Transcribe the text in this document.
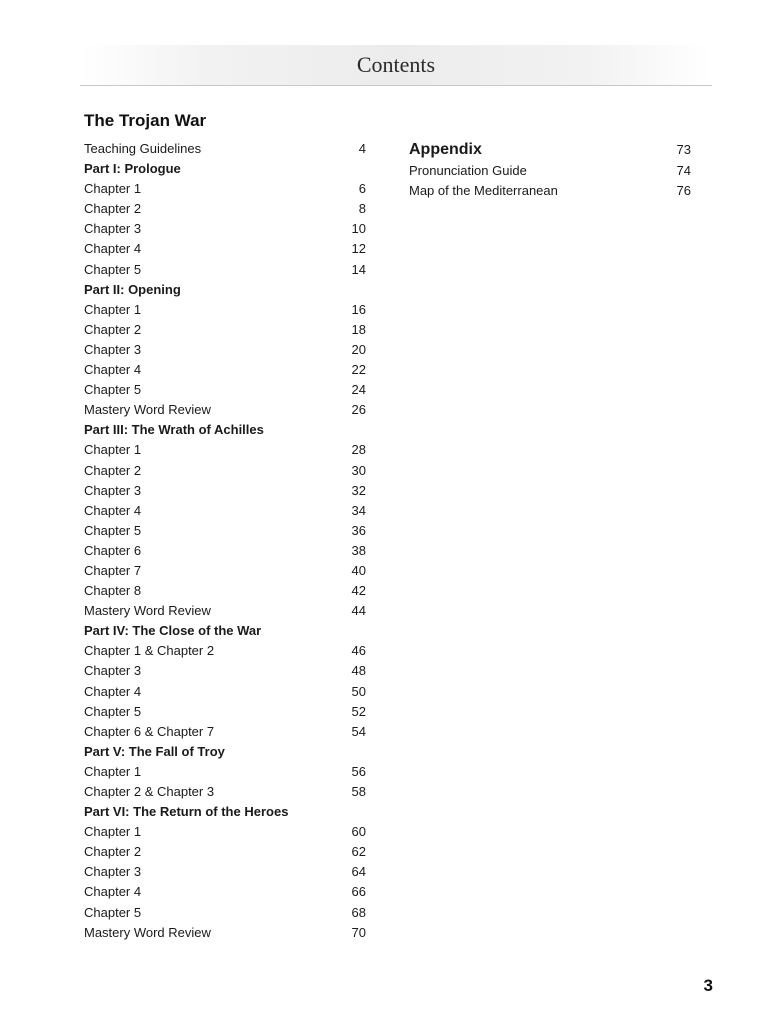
Contents
The Trojan War
Teaching Guidelines	4
Part I: Prologue
Chapter 1	6
Chapter 2	8
Chapter 3	10
Chapter 4	12
Chapter 5	14
Part II: Opening
Chapter 1	16
Chapter 2	18
Chapter 3	20
Chapter 4	22
Chapter 5	24
Mastery Word Review	26
Part III: The Wrath of Achilles
Chapter 1	28
Chapter 2	30
Chapter 3	32
Chapter 4	34
Chapter 5	36
Chapter 6	38
Chapter 7	40
Chapter 8	42
Mastery Word Review	44
Part IV: The Close of the War
Chapter 1 & Chapter 2	46
Chapter 3	48
Chapter 4	50
Chapter 5	52
Chapter 6 & Chapter 7	54
Part V: The Fall of Troy
Chapter 1	56
Chapter 2 & Chapter 3	58
Part VI: The Return of the Heroes
Chapter 1	60
Chapter 2	62
Chapter 3	64
Chapter 4	66
Chapter 5	68
Mastery Word Review	70
Appendix	73
Pronunciation Guide	74
Map of the Mediterranean	76
3
